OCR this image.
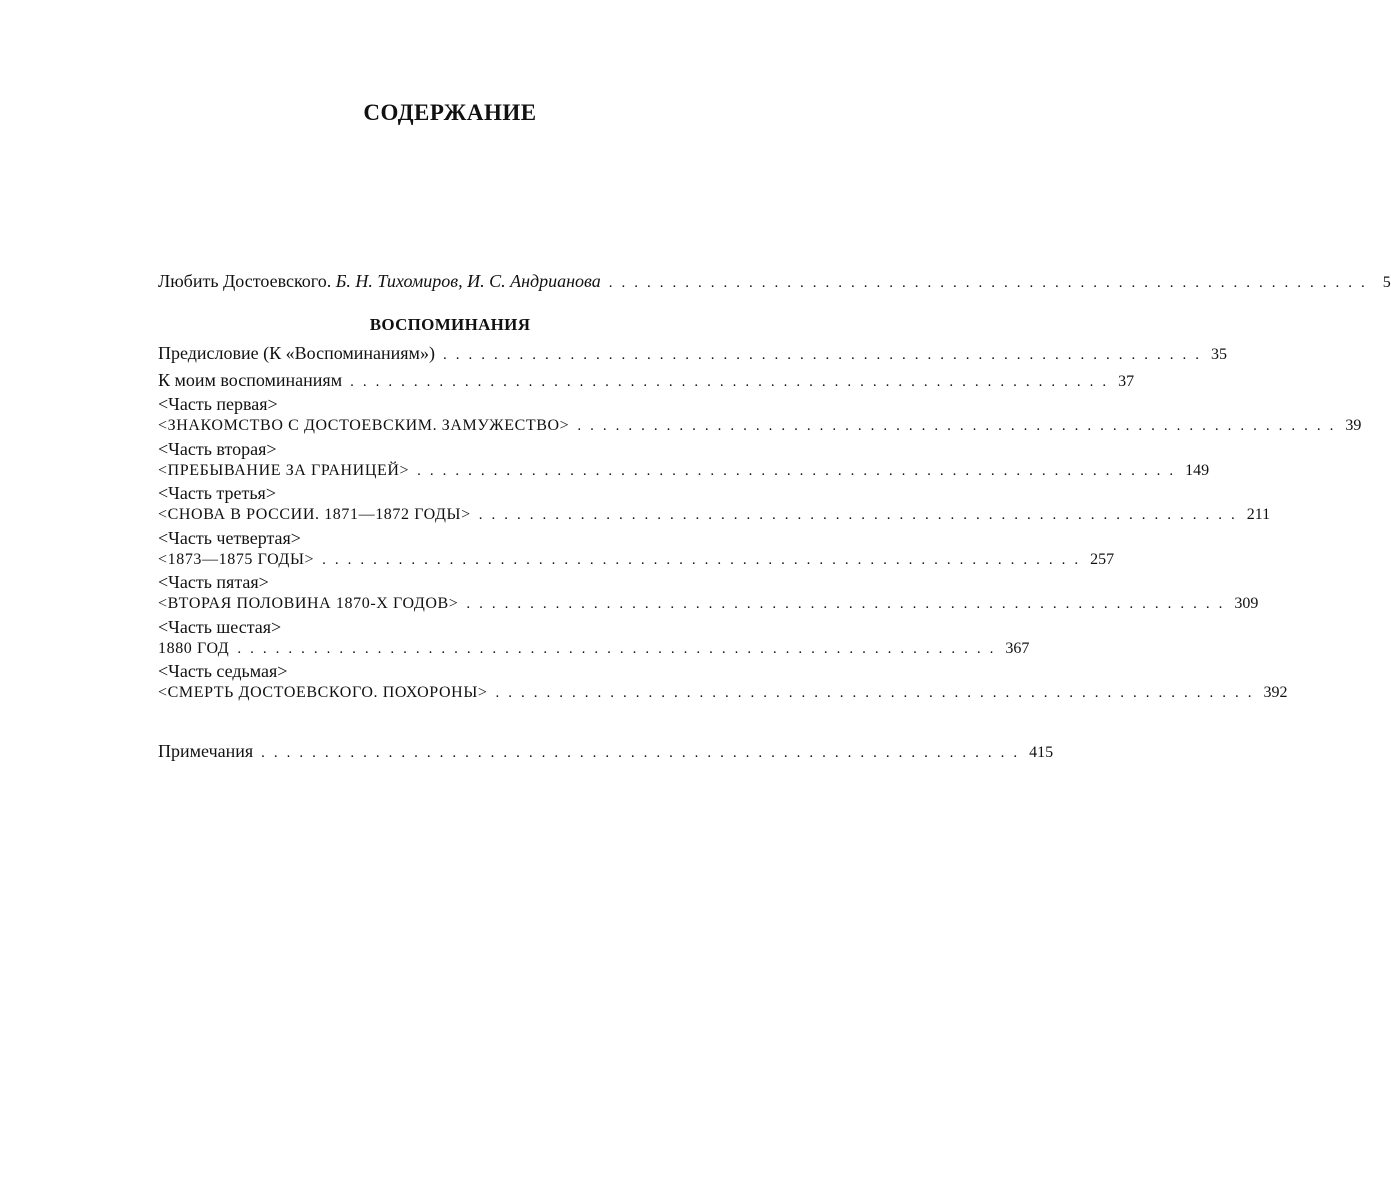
СОДЕРЖАНИЕ
Любить Достоевского. Б. Н. Тихомиров, И. С. Андрианова ............................................................ 5
ВОСПОМИНАНИЯ
Предисловие (К «Воспоминаниям») ............................................................ 35
К моим воспоминаниям ............................................................ 37
<Часть первая>
<ЗНАКОМСТВО С ДОСТОЕВСКИМ. ЗАМУЖЕСТВО> ............................................................ 39
<Часть вторая>
<ПРЕБЫВАНИЕ ЗА ГРАНИЦЕЙ> ............................................................ 149
<Часть третья>
<СНОВА В РОССИИ. 1871—1872 ГОДЫ> ............................................................ 211
<Часть четвертая>
<1873—1875 ГОДЫ> ............................................................ 257
<Часть пятая>
<ВТОРАЯ ПОЛОВИНА 1870-Х ГОДОВ> ............................................................ 309
<Часть шестая>
1880 ГОД ............................................................ 367
<Часть седьмая>
<СМЕРТЬ ДОСТОЕВСКОГО. ПОХОРОНЫ> ............................................................ 392
Примечания ............................................................ 415
